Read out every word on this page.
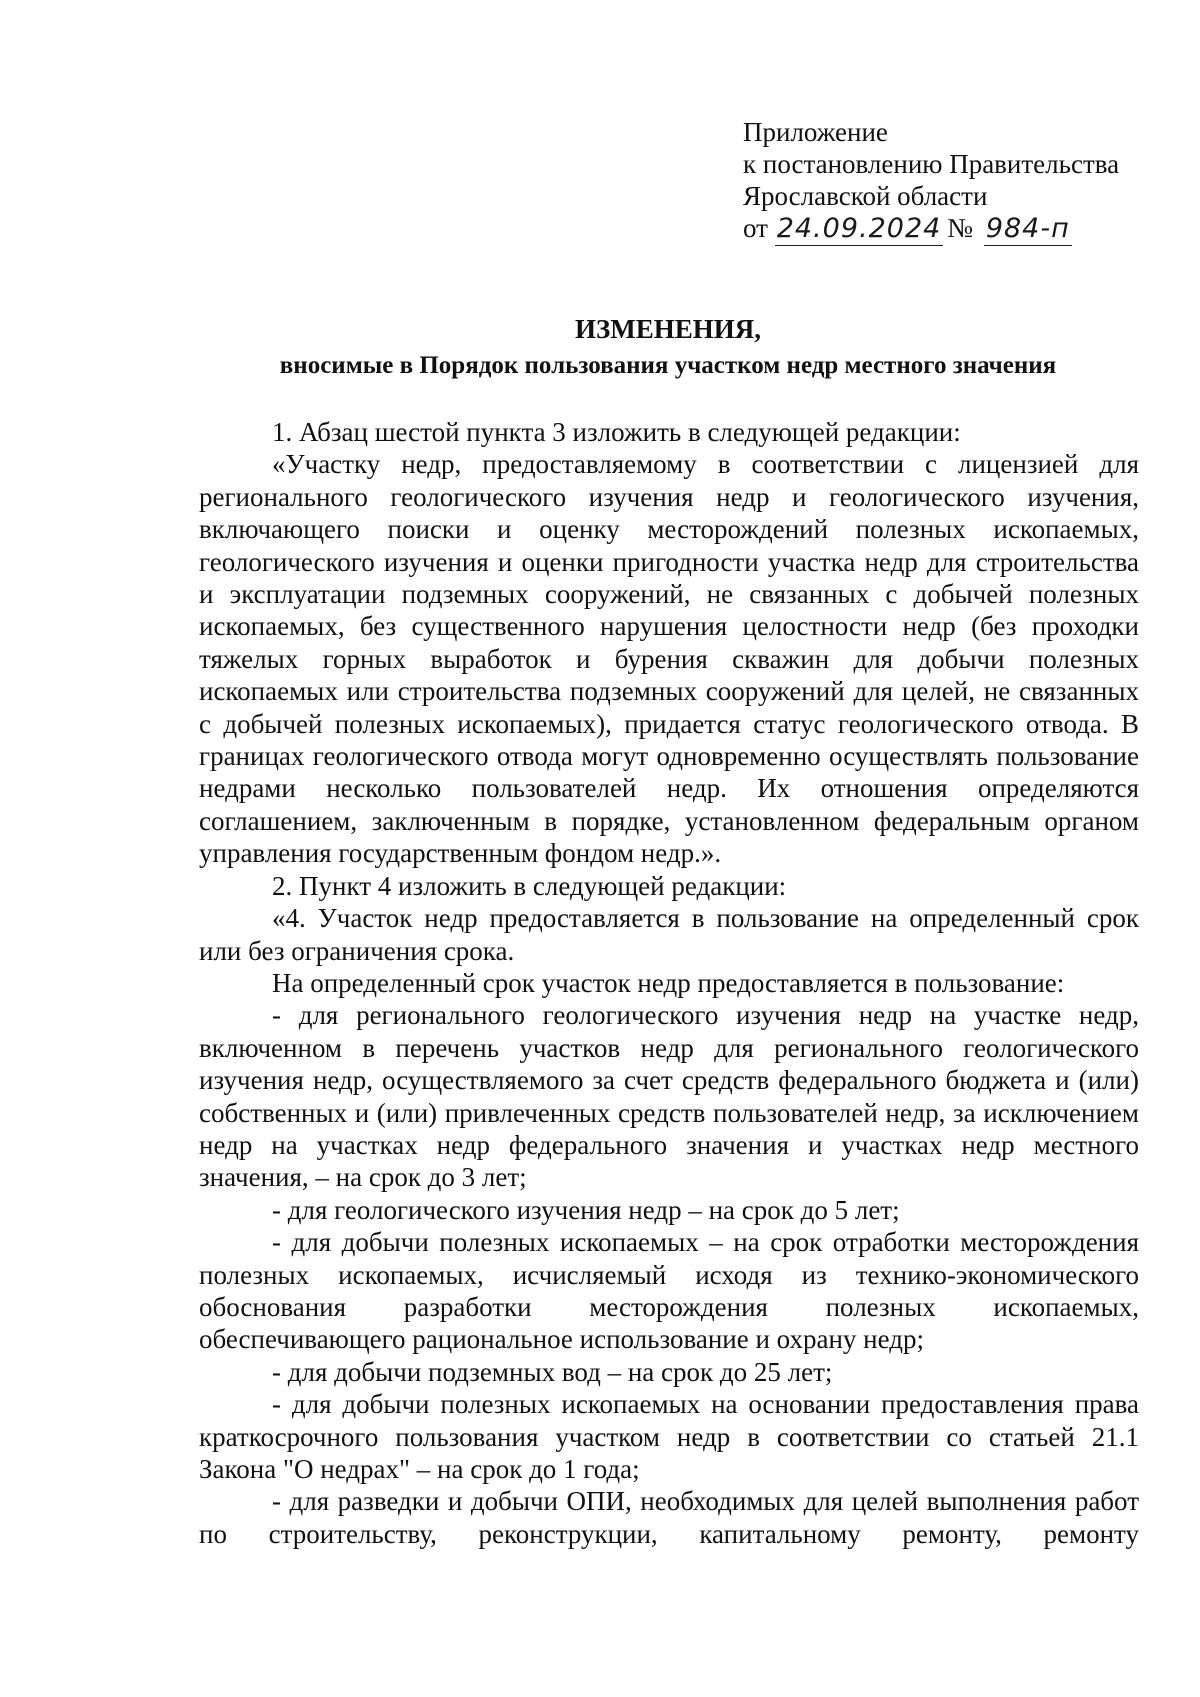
Приложение
к постановлению Правительства
Ярославской области
от 24.09.2024 № 984-п
ИЗМЕНЕНИЯ,
вносимые в Порядок пользования участком недр местного значения

1. Абзац шестой пункта 3 изложить в следующей редакции:

«Участку недр, предоставляемому в соответствии с лицензией для регионального геологического изучения недр и геологического изучения, включающего поиски и оценку месторождений полезных ископаемых, геологического изучения и оценки пригодности участка недр для строительства и эксплуатации подземных сооружений, не связанных с добычей полезных ископаемых, без существенного нарушения целостности недр (без проходки тяжелых горных выработок и бурения скважин для добычи полезных ископаемых или строительства подземных сооружений для целей, не связанных с добычей полезных ископаемых), придается статус геологического отвода. В границах геологического отвода могут одновременно осуществлять пользование недрами несколько пользователей недр. Их отношения определяются соглашением, заключенным в порядке, установленном федеральным органом управления государственным фондом недр.».

2. Пункт 4 изложить в следующей редакции:

«4. Участок недр предоставляется в пользование на определенный срок или без ограничения срока.

На определенный срок участок недр предоставляется в пользование:

- для регионального геологического изучения недр на участке недр, включенном в перечень участков недр для регионального геологического изучения недр, осуществляемого за счет средств федерального бюджета и (или) собственных и (или) привлеченных средств пользователей недр, за исключением недр на участках недр федерального значения и участках недр местного значения, – на срок до 3 лет;

- для геологического изучения недр – на срок до 5 лет;

- для добычи полезных ископаемых – на срок отработки месторождения полезных ископаемых, исчисляемый исходя из технико-экономического обоснования разработки месторождения полезных ископаемых, обеспечивающего рациональное использование и охрану недр;

- для добычи подземных вод – на срок до 25 лет;

- для добычи полезных ископаемых на основании предоставления права краткосрочного пользования участком недр в соответствии со статьей 21.1 Закона "О недрах" – на срок до 1 года;

- для разведки и добычи ОПИ, необходимых для целей выполнения работ по строительству, реконструкции, капитальному ремонту, ремонту
